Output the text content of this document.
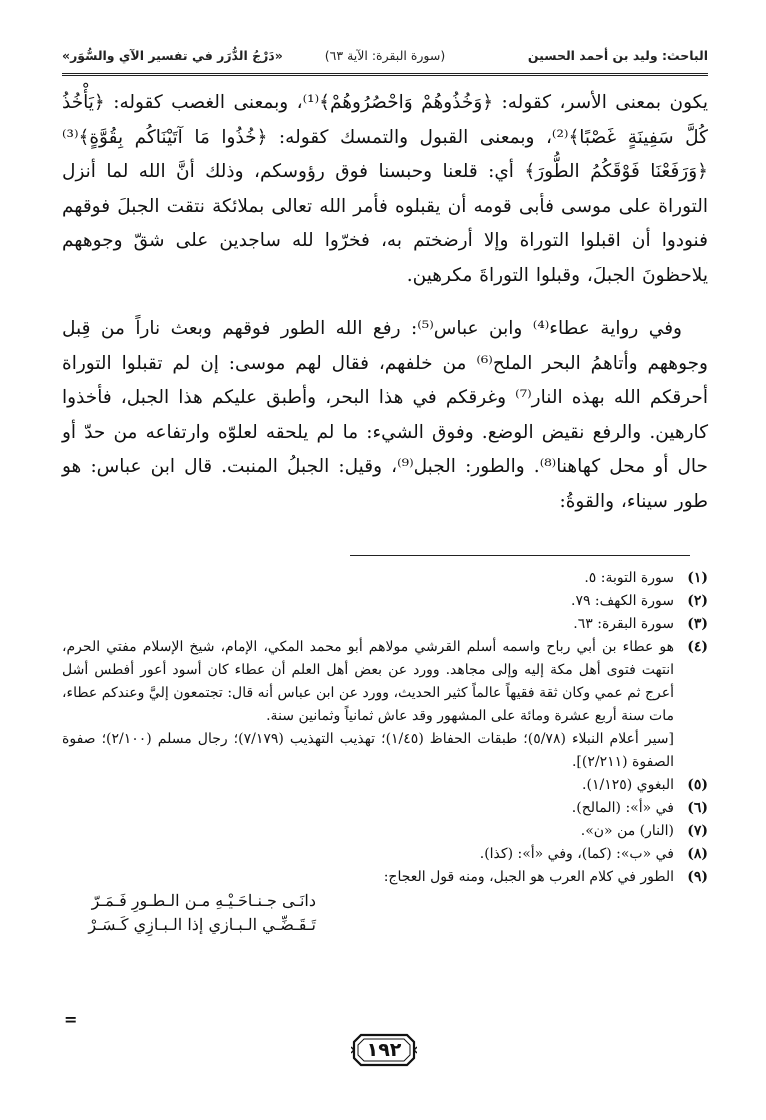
الباحث: وليد بن أحمد الحسين
(سورة البقرة: الآية ٦٣)
«دَرْجُ الدُّرَر في تفسير الآي والسُّوَر»

يكون بمعنى الأسر، كقوله: ﴿وَخُذُوهُمْ وَاحْصُرُوهُمْ﴾⁽¹⁾، وبمعنى الغصب كقوله: ﴿يَأْخُذُ كُلَّ سَفِينَةٍ غَصْبًا﴾⁽²⁾، وبمعنى القبول والتمسك كقوله: ﴿خُذُوا مَا آتَيْنَاكُم بِقُوَّةٍ﴾⁽³⁾ ﴿وَرَفَعْنَا فَوْقَكُمُ الطُّورَ﴾ أي: قلعنا وحبسنا فوق رؤوسكم، وذلك أنَّ الله لما أنزل التوراة على موسى فأبى قومه أن يقبلوه فأمر الله تعالى بملائكة نتقت الجبلَ فوقهم فنودوا أن اقبلوا التوراة وإلا أرضختم به، فخرّوا لله ساجدين على شقّ وجوههم يلاحظونَ الجبلَ، وقبلوا التوراةَ مكرهين.

وفي رواية عطاء⁽⁴⁾ وابن عباس⁽⁵⁾: رفع الله الطور فوقهم وبعث ناراً من قِبل وجوههم وأتاهمُ البحر الملح⁽⁶⁾ من خلفهم، فقال لهم موسى: إن لم تقبلوا التوراة أحرقكم الله بهذه النار⁽⁷⁾ وغرقكم في هذا البحر، وأطبق عليكم هذا الجبل، فأخذوا كارهين. والرفع نقيض الوضع. وفوق الشيء: ما لم يلحقه لعلوّه وارتفاعه من حدّ أو حال أو محل كهاهنا⁽⁸⁾. والطور: الجبل⁽⁹⁾، وقيل: الجبلُ المنبت. قال ابن عباس: هو طور سيناء، والقوةُ:

(١)
سورة التوبة: ٥.
(٢)
سورة الكهف: ٧٩.
(٣)
سورة البقرة: ٦٣.
(٤)
هو عطاء بن أبي رباح واسمه أسلم القرشي مولاهم أبو محمد المكي، الإمام، شيخ الإسلام مفتي الحرم، انتهت فتوى أهل مكة إليه وإلى مجاهد. وورد عن بعض أهل العلم أن عطاء كان أسود أعور أفطس أشل أعرج ثم عمي وكان ثقة فقيهاً عالماً كثير الحديث، وورد عن ابن عباس أنه قال: تجتمعون إليَّ وعندكم عطاء، مات سنة أربع عشرة ومائة على المشهور وقد عاش ثمانياً وثمانين سنة.
[سير أعلام النبلاء (٥/٧٨)؛ طبقات الحفاظ (١/٤٥)؛ تهذيب التهذيب (٧/١٧٩)؛ رجال مسلم (٢/١٠٠)؛ صفوة الصفوة (٢/٢١١)].
(٥)
البغوي (١/١٢٥).
(٦)
في «أ»: (المالح).
(٧)
(النار) من «ن».
(٨)
في «ب»: (كما)، وفي «أ»: (كذا).
(٩)
الطور في كلام العرب هو الجبل، ومنه قول العجاج:
دانَـى جـنـاحَـيْـهِ مـن الـطـورِ فَـمَـرّ
تَـقَـضِّـي الـبـازي إذا الـبـازِي كَـسَـرْ
=
١٩٢
